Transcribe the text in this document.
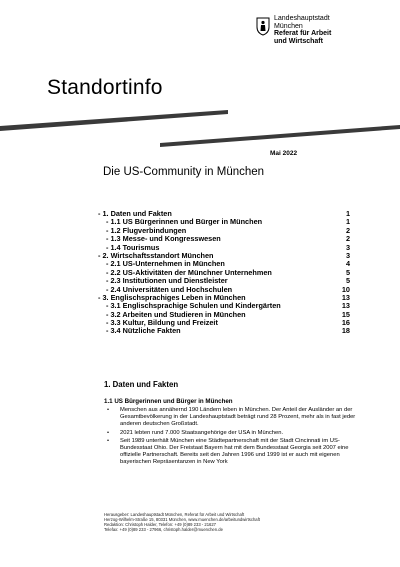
Landeshauptstadt
München
Referat für Arbeit
und Wirtschaft
Standortinfo
Mai 2022
Die US-Community in München
- 1. Daten und Fakten	1
- 1.1 US Bürgerinnen und Bürger in München	1
- 1.2 Flugverbindungen	2
- 1.3 Messe- und Kongresswesen	2
- 1.4 Tourismus	3
- 2. Wirtschaftsstandort München	3
- 2.1 US-Unternehmen in München	4
- 2.2 US-Aktivitäten der Münchner Unternehmen	5
- 2.3 Institutionen und Dienstleister	5
- 2.4 Universitäten und Hochschulen	10
- 3. Englischsprachiges Leben in München	13
- 3.1 Englischsprachige Schulen und Kindergärten	13
- 3.2 Arbeiten und Studieren in München	15
- 3.3 Kultur, Bildung und Freizeit	16
- 3.4 Nützliche Fakten	18
1. Daten und Fakten
1.1 US Bürgerinnen und Bürger in München
• Menschen aus annähernd 190 Ländern leben in München. Der Anteil der Ausländer an der Gesamtbevölkerung in der Landeshauptstadt beträgt rund 28 Prozent, mehr als in fast jeder anderen deutschen Großstadt.
• 2021 lebten rund 7.000 Staatsangehörige der USA in München.
• Seit 1989 unterhält München eine Städtepartnerschaft mit der Stadt Cincinnati im US-Bundesstaat Ohio. Der Freistaat Bayern hat mit dem Bundesstaat Georgia seit 2007 eine offizielle Partnerschaft. Bereits seit den Jahren 1996 und 1999 ist er auch mit eigenen bayerischen Repräsentanzen in New York
Herausgeber: Landeshauptstadt München, Referat für Arbeit und Wirtschaft
Herzog-Wilhelm-Straße 15, 80331 München, www.muenchen.de/arbeitundwirtschaft
Redaktion: Christoph Halder, Telefon: +49 (0)89 233 - 21627
Telefax: +49 (0)89 233 - 27966, christoph.halder@muenchen.de
